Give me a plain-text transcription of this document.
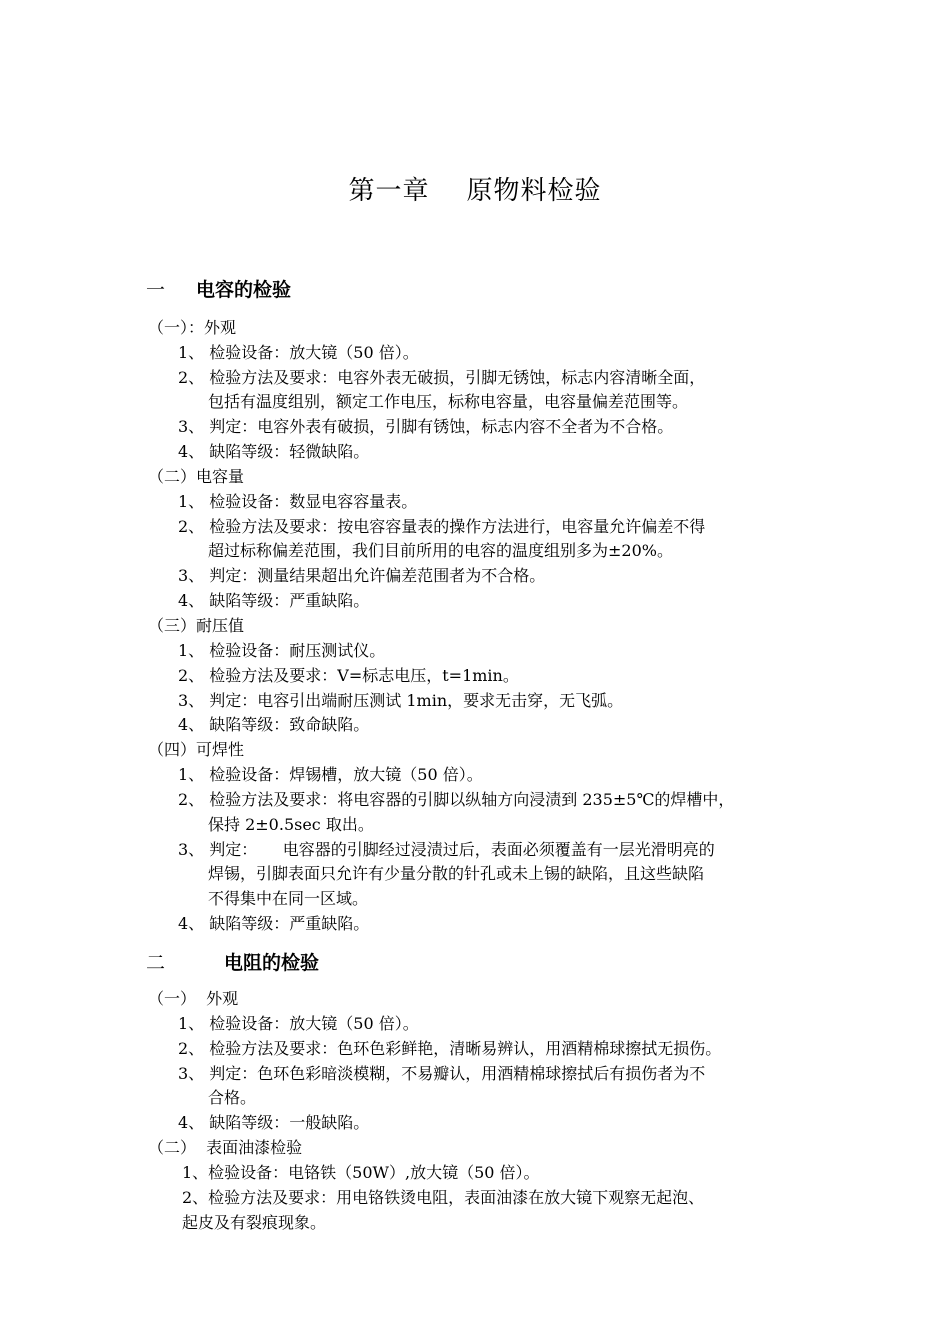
第一章    原物料检验
一 电容的检验
（一）：外观
1、 检验设备：放大镜（50 倍）。
2、 检验方法及要求：电容外表无破损，引脚无锈蚀，标志内容清晰全面，
包括有温度组别，额定工作电压，标称电容量，电容量偏差范围等。
3、 判定：电容外表有破损，引脚有锈蚀，标志内容不全者为不合格。
4、 缺陷等级：轻微缺陷。
（二）电容量
1、 检验设备：数显电容容量表。
2、 检验方法及要求：按电容容量表的操作方法进行，电容量允许偏差不得
超过标称偏差范围，我们目前所用的电容的温度组别多为±20%。
3、 判定：测量结果超出允许偏差范围者为不合格。
4、 缺陷等级：严重缺陷。
（三）耐压值
1、 检验设备：耐压测试仪。
2、 检验方法及要求：V=标志电压，t=1min。
3、 判定：电容引出端耐压测试 1min，要求无击穿，无飞弧。
4、 缺陷等级：致命缺陷。
（四）可焊性
1、 检验设备：焊锡槽，放大镜（50 倍）。
2、 检验方法及要求：将电容器的引脚以纵轴方向浸渍到 235±5℃的焊槽中，
保持 2±0.5sec 取出。
3、 判定：     电容器的引脚经过浸渍过后，表面必须覆盖有一层光滑明亮的
焊锡，引脚表面只允许有少量分散的针孔或未上锡的缺陷，且这些缺陷
不得集中在同一区域。
4、 缺陷等级：严重缺陷。
二	电阻的检验
（一）  外观
1、 检验设备：放大镜（50 倍）。
2、 检验方法及要求：色环色彩鲜艳，清晰易辨认，用酒精棉球擦拭无损伤。
3、 判定：色环色彩暗淡模糊，不易瓣认，用酒精棉球擦拭后有损伤者为不
合格。
4、 缺陷等级：一般缺陷。
（二）  表面油漆检验
1、检验设备：电铬铁（50W）,放大镜（50 倍）。
2、检验方法及要求：用电铬铁烫电阻，表面油漆在放大镜下观察无起泡、
起皮及有裂痕现象。
